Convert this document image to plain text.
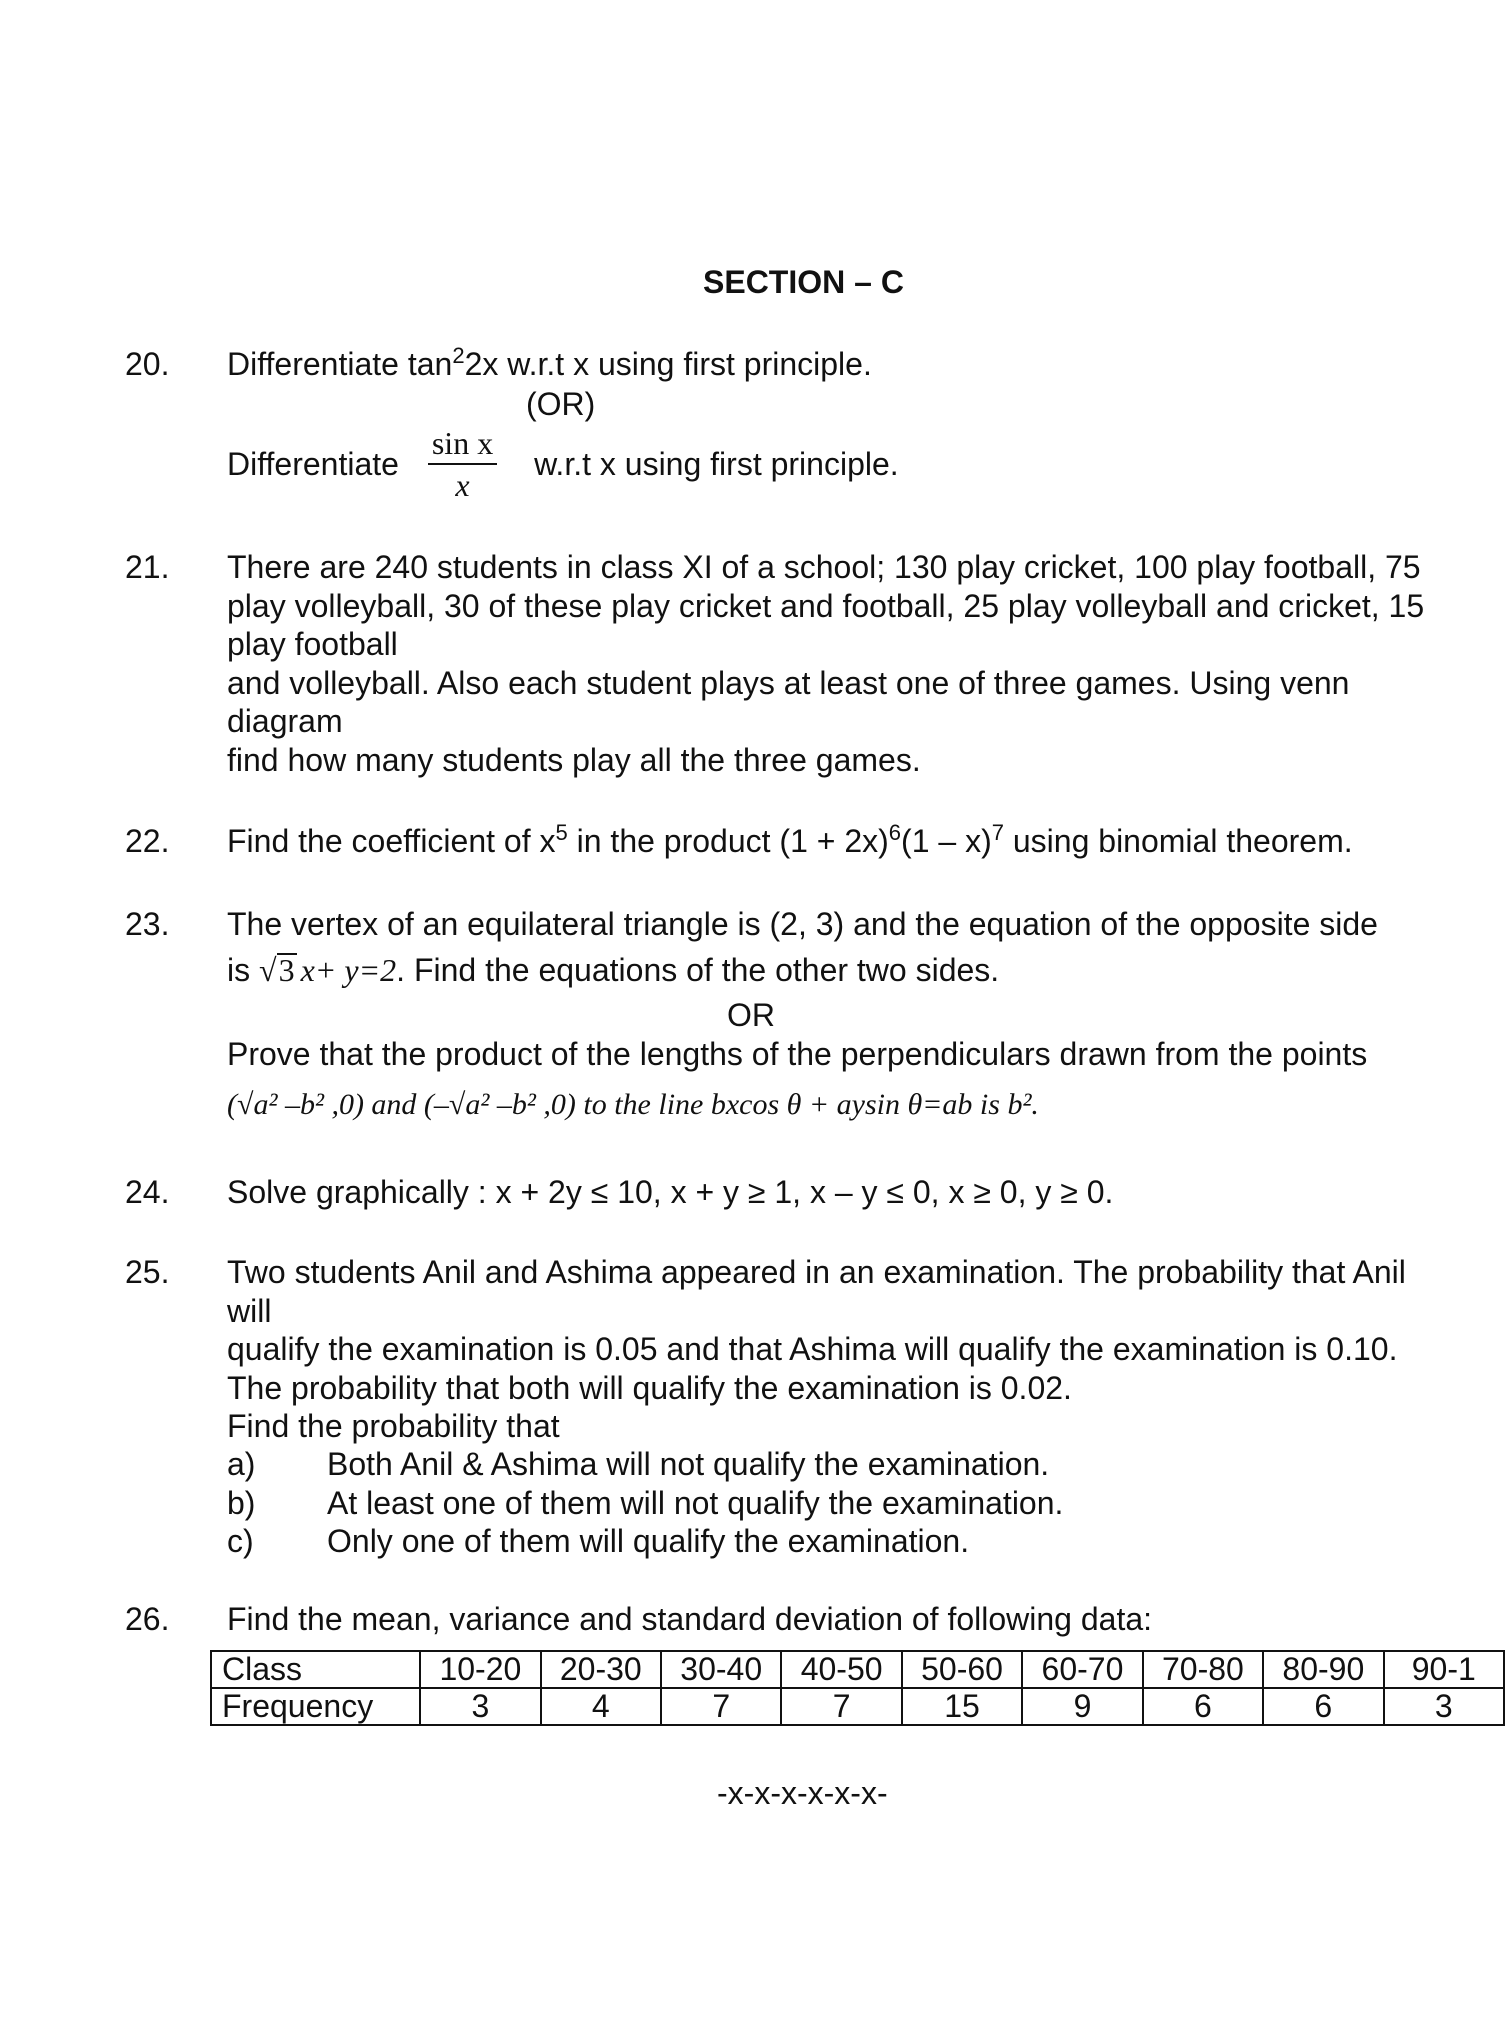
SECTION – C
20. Differentiate $\tan^22x$ w.r.t x using first principle.
(OR)
Differentiate $\frac{\text{sin x}}{x} w.r.t$ x using first principle.
21. There are 240 students in class XI of a school; 130 play cricket, 100 play football, 75
play volleyball, 30 of these play cricket and football, 25 play volleyball and cricket, 15
play football
and volleyball. Also each student plays at least one of three games. Using venn
diagram
find how many students play all the three games.
22. Find the coefficient of $x^5$ in the product $(1 + 2x)^6(1 - x)^7$ using binomial theorem.
23. The vertex of an equilateral triangle is (2, 3) and the equation of the opposite side
is √3 x+ y=2. Find the equations of the other two sides.
OR
Prove that the product of the lengths of the perpendiculars drawn from the points
(√a² –b² ,0) and (–√a² –b² ,0) to the line bxcos θ + aysin θ=ab is b².
24. Solve graphically : x + 2y ≤ 10, x + y ≥ 1, x – y ≤ 0, x ≥ 0, y ≥ 0.
25. Two students Anil and Ashima appeared in an examination. The probability that Anil
will
qualify the examination is 0.05 and that Ashima will qualify the examination is 0.10.
The probability that both will qualify the examination is 0.02.
Find the probability that
a) Both Anil & Ashima will not qualify the examination.
b) At least one of them will not qualify the examination.
c) Only one of them will qualify the examination.
26. Find the mean, variance and standard deviation of following data:
Class	10-20	20-30	30-40	40-50	50-60	60-70	70-80	80-90	90-1
Frequency	3	4	7	7	15	9	6	6	3
-x-x-x-x-x-x-
